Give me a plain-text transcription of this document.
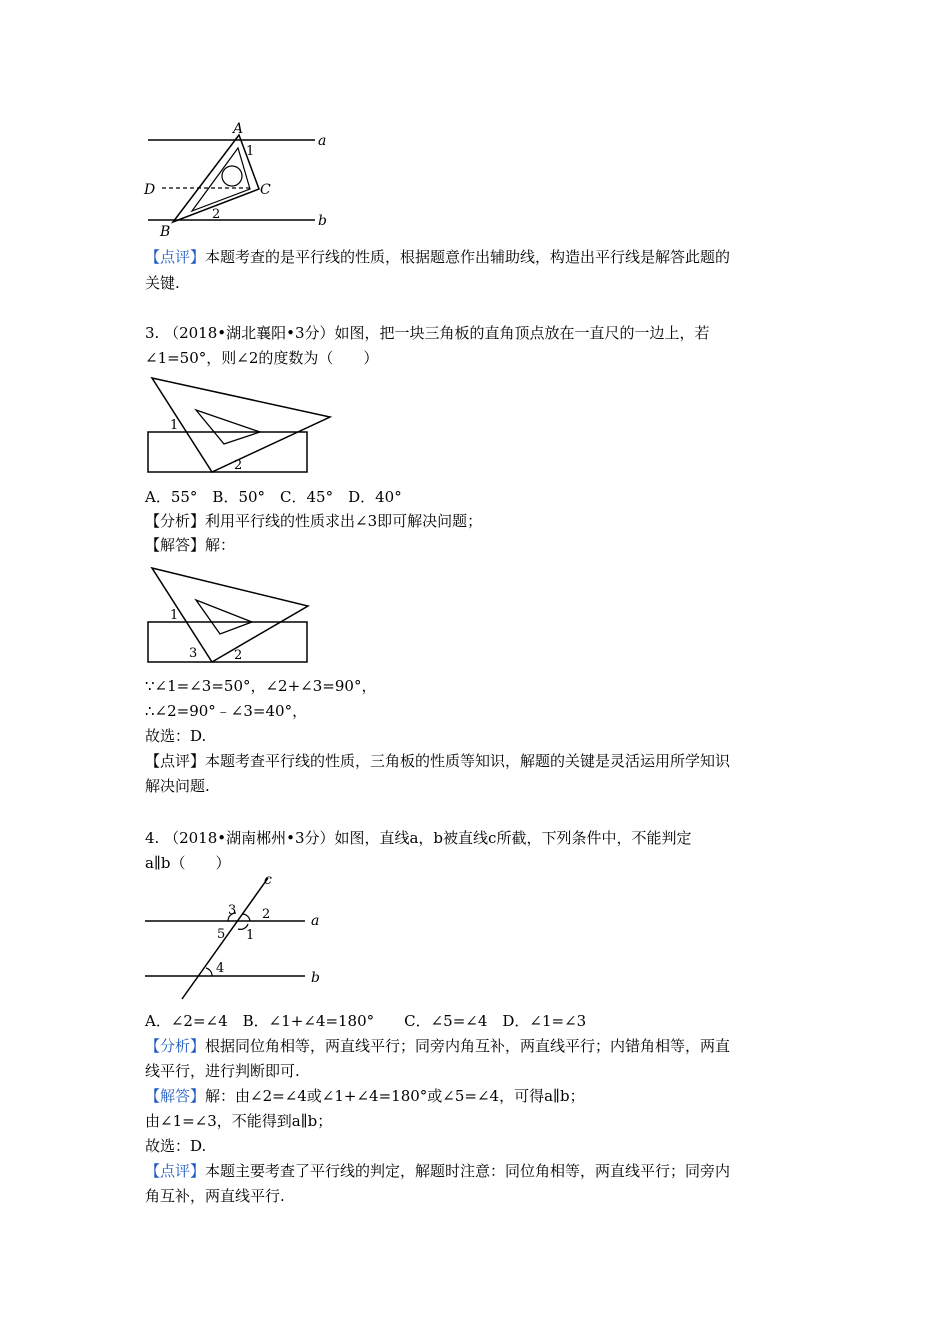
A
B
C
D
a
b
1
2
【点评】本题考查的是平行线的性质，根据题意作出辅助线，构造出平行线是解答此题的
关键.
3. （2018•湖北襄阳•3分）如图，把一块三角板的直角顶点放在一直尺的一边上，若
∠1=50°，则∠2的度数为（　　）
1
2
A．55°　B．50°　C．45°　D．40°
【分析】利用平行线的性质求出∠3即可解决问题；
【解答】解：
1
2
3
∵∠1=∠3=50°，∠2+∠3=90°，
∴∠2=90°﹣∠3=40°，
故选：D.
【点评】本题考查平行线的性质，三角板的性质等知识，解题的关键是灵活运用所学知识
解决问题.
4. （2018•湖南郴州•3分）如图，直线a，b被直线c所截，下列条件中，不能判定
a∥b（　　）
c
a
b
3 2
1
5
4
A．∠2=∠4　B．∠1+∠4=180°　　C．∠5=∠4　D．∠1=∠3
【分析】根据同位角相等，两直线平行；同旁内角互补，两直线平行；内错角相等，两直
线平行，进行判断即可.
【解答】解：由∠2=∠4或∠1+∠4=180°或∠5=∠4，可得a∥b；
由∠1=∠3，不能得到a∥b；
故选：D.
【点评】本题主要考查了平行线的判定，解题时注意：同位角相等，两直线平行；同旁内
角互补，两直线平行.
